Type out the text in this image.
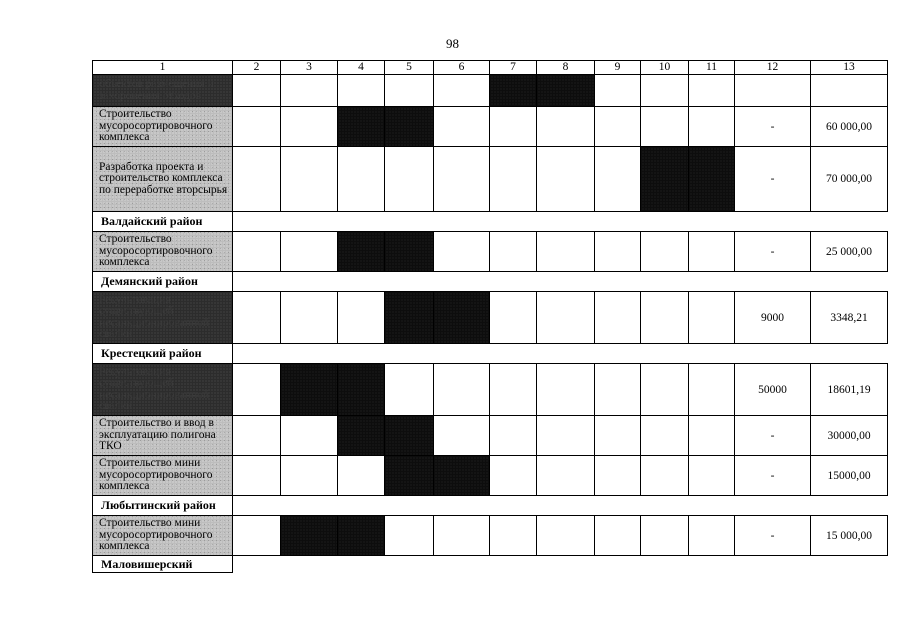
98
1	2	3	4	5	6	7	8	9	10	11	12	13
объектов размещения и захоронения отходов												
Строительство мусоросортировочного комплекса											-	60 000,00
Разработка проекта и строительство комплекса по переработке вторсырья											-	70 000,00
Валдайский район												
Строительство мусоросортировочного комплекса											-	25 000,00
Демянский район												
Рекультивация существующей несанкционированной свалки											9000	3348,21
Крестецкий район												
Рекультивация существующей несанкционированной свалки											50000	18601,19
Строительство и ввод в эксплуатацию полигона ТКО											-	30000,00
Строительство мини мусоросортировочного комплекса											-	15000,00
Любытинский район												
Строительство мини мусоросортировочного комплекса											-	15 000,00
Маловишерский												
